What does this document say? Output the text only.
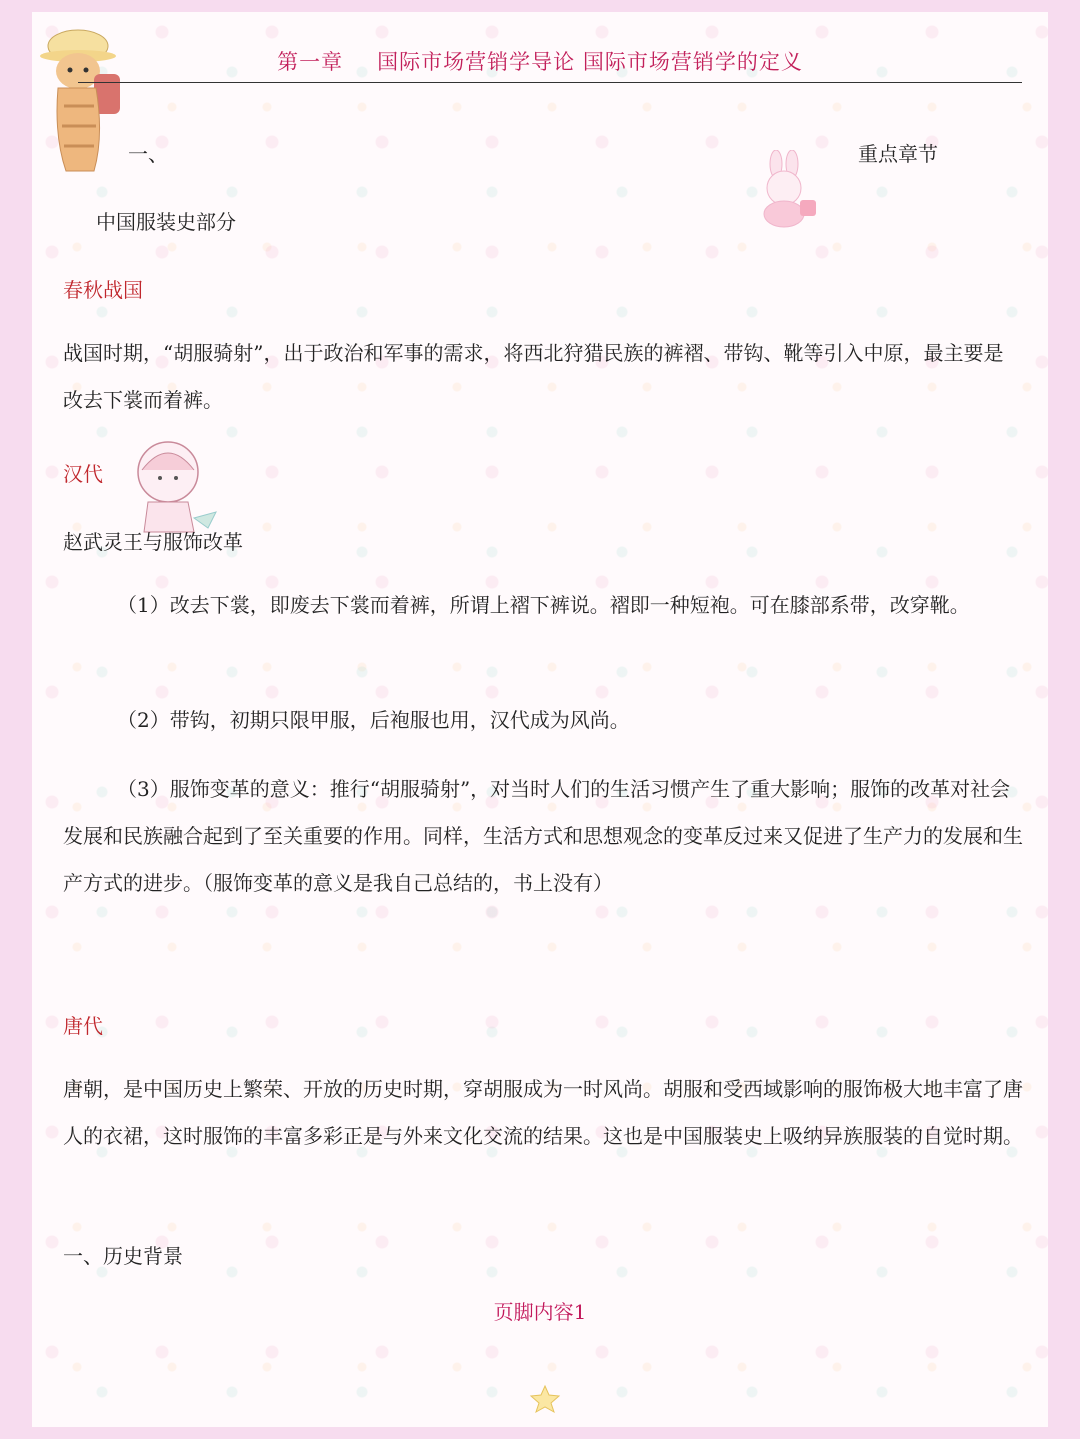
第一章 国际市场营销学导论 国际市场营销学的定义
一、	重点章节
中国服装史部分
春秋战国
战国时期，“胡服骑射”，出于政治和军事的需求，将西北狩猎民族的裤褶、带钩、靴等引入中原，最主要是改去下裳而着裤。
汉代
赵武灵王与服饰改革
（1）改去下裳，即废去下裳而着裤，所谓上褶下裤说。褶即一种短袍。可在膝部系带，改穿靴。
（2）带钩，初期只限甲服，后袍服也用，汉代成为风尚。
（3）服饰变革的意义：推行“胡服骑射”，对当时人们的生活习惯产生了重大影响；服饰的改革对社会发展和民族融合起到了至关重要的作用。同样，生活方式和思想观念的变革反过来又促进了生产力的发展和生产方式的进步。（服饰变革的意义是我自己总结的，书上没有）
唐代
唐朝，是中国历史上繁荣、开放的历史时期，穿胡服成为一时风尚。胡服和受西域影响的服饰极大地丰富了唐人的衣裙，这时服饰的丰富多彩正是与外来文化交流的结果。这也是中国服装史上吸纳异族服装的自觉时期。
一、历史背景
页脚内容1
